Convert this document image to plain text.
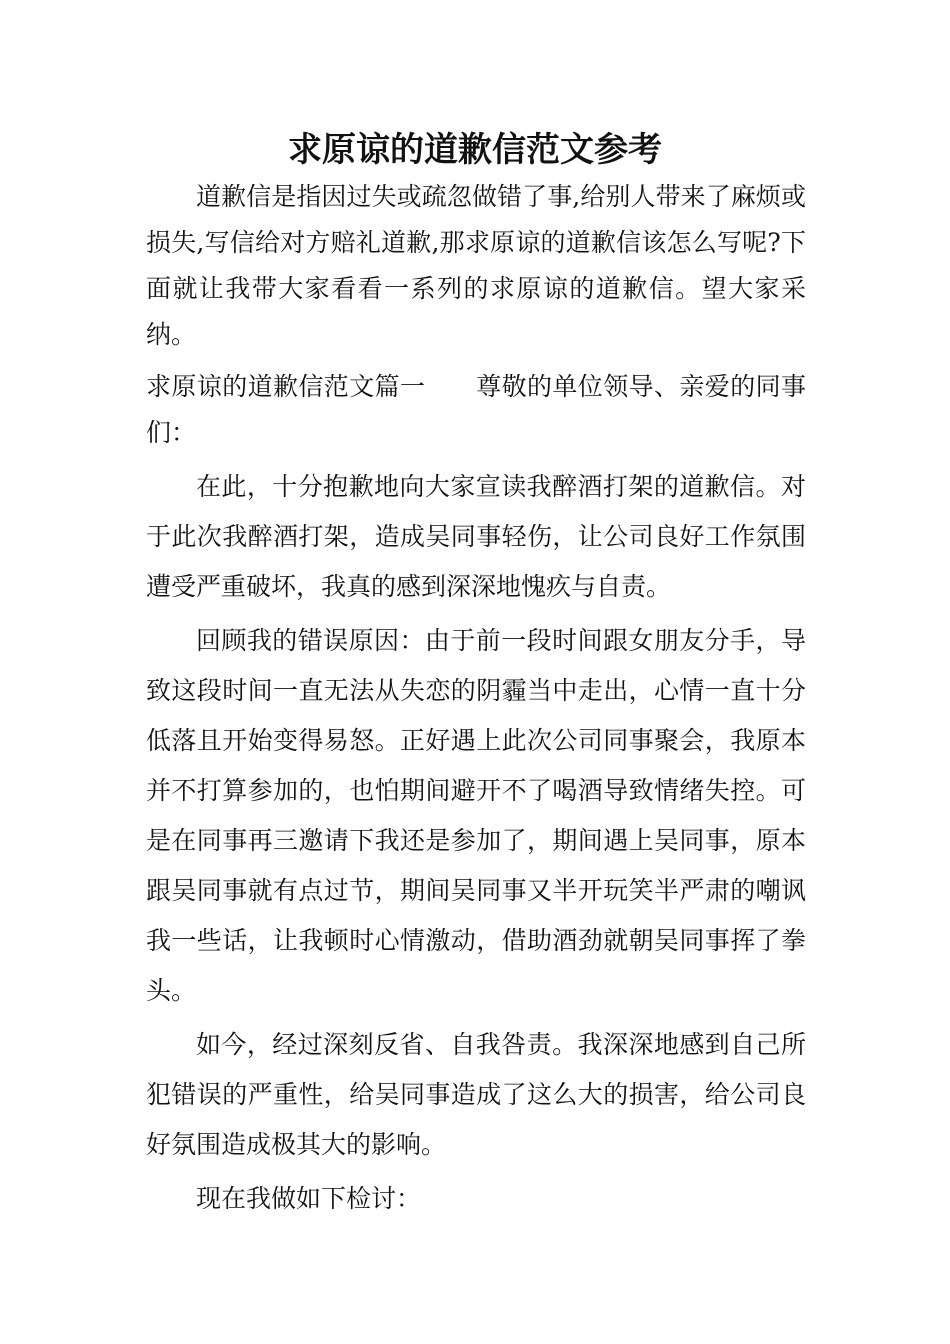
求原谅的道歉信范文参考

道歉信是指因过失或疏忽做错了事,给别人带来了麻烦或损失,写信给对方赔礼道歉,那求原谅的道歉信该怎么写呢?下面就让我带大家看看一系列的求原谅的道歉信。望大家采纳。

求原谅的道歉信范文篇一　　尊敬的单位领导、亲爱的同事们：

在此，十分抱歉地向大家宣读我醉酒打架的道歉信。对于此次我醉酒打架，造成吴同事轻伤，让公司良好工作氛围遭受严重破坏，我真的感到深深地愧疚与自责。

回顾我的错误原因：由于前一段时间跟女朋友分手，导致这段时间一直无法从失恋的阴霾当中走出，心情一直十分低落且开始变得易怒。正好遇上此次公司同事聚会，我原本并不打算参加的，也怕期间避开不了喝酒导致情绪失控。可是在同事再三邀请下我还是参加了，期间遇上吴同事，原本跟吴同事就有点过节，期间吴同事又半开玩笑半严肃的嘲讽我一些话，让我顿时心情激动，借助酒劲就朝吴同事挥了拳头。

如今，经过深刻反省、自我咎责。我深深地感到自己所犯错误的严重性，给吴同事造成了这么大的损害，给公司良好氛围造成极其大的影响。

现在我做如下检讨：
